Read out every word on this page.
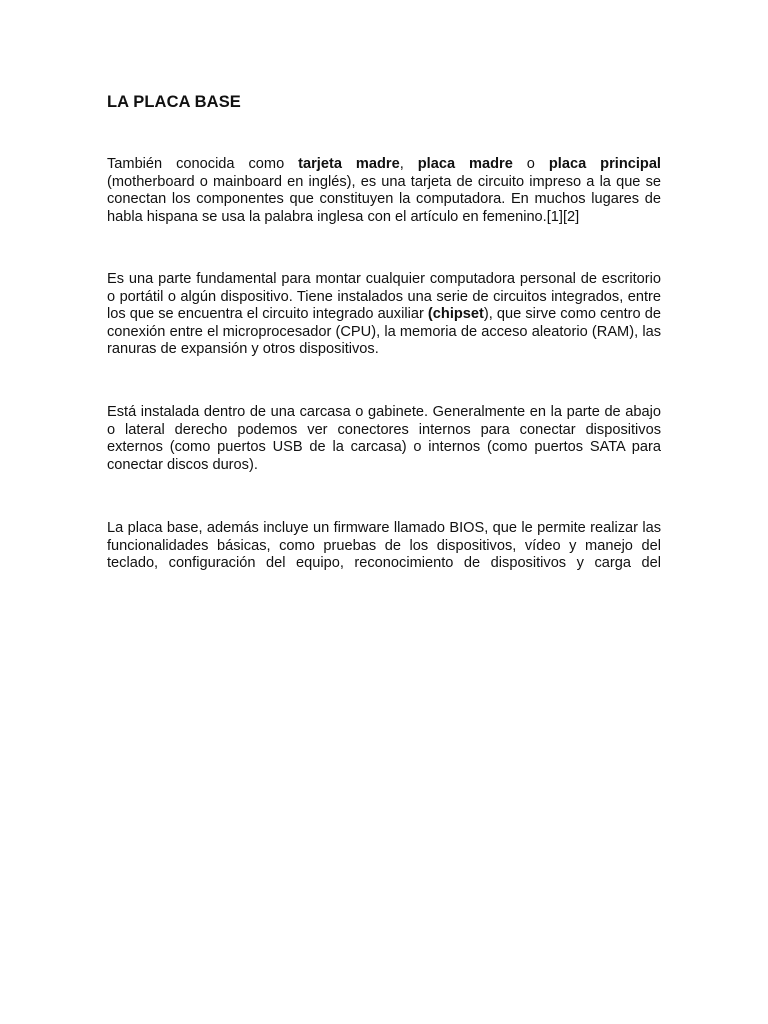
LA PLACA BASE

También conocida como tarjeta madre, placa madre o placa principal (motherboard o mainboard en inglés), es una tarjeta de circuito impreso a la que se conectan los componentes que constituyen la computadora. En muchos lugares de habla hispana se usa la palabra inglesa con el artículo en femenino.[1][2]

Es una parte fundamental para montar cualquier computadora personal de escritorio o portátil o algún dispositivo. Tiene instalados una serie de circuitos integrados, entre los que se encuentra el circuito integrado auxiliar (chipset), que sirve como centro de conexión entre el microprocesador (CPU), la memoria de acceso aleatorio (RAM), las ranuras de expansión y otros dispositivos.

Está instalada dentro de una carcasa o gabinete. Generalmente en la parte de abajo o lateral derecho podemos ver conectores internos para conectar dispositivos externos (como puertos USB de la carcasa) o internos (como puertos SATA para conectar discos duros).

La placa base, además incluye un firmware llamado BIOS, que le permite realizar las funcionalidades básicas, como pruebas de los dispositivos, vídeo y manejo del teclado, configuración del equipo, reconocimiento de dispositivos y carga del
